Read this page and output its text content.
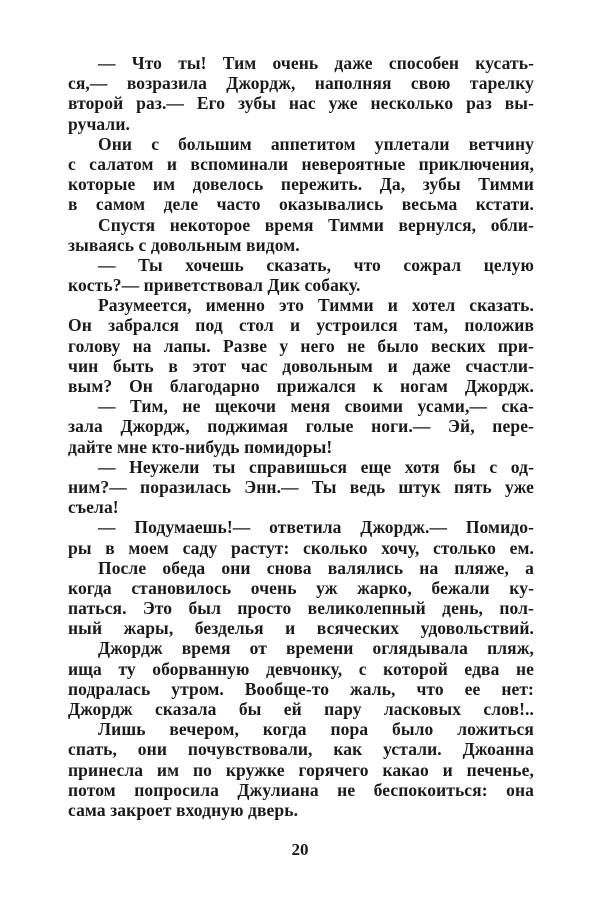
— Что ты! Тим очень даже способен кусать-
ся,— возразила Джордж, наполняя свою тарелку
второй раз.— Его зубы нас уже несколько раз вы-
ручали.
Они с большим аппетитом уплетали ветчину
с салатом и вспоминали невероятные приключения,
которые им довелось пережить. Да, зубы Тимми
в самом деле часто оказывались весьма кстати.
Спустя некоторое время Тимми вернулся, обли-
зываясь с довольным видом.
— Ты хочешь сказать, что сожрал целую
кость?— приветствовал Дик собаку.
Разумеется, именно это Тимми и хотел сказать.
Он забрался под стол и устроился там, положив
голову на лапы. Разве у него не было веских при-
чин быть в этот час довольным и даже счастли-
вым? Он благодарно прижался к ногам Джордж.
— Тим, не щекочи меня своими усами,— ска-
зала Джордж, поджимая голые ноги.— Эй, пере-
дайте мне кто-нибудь помидоры!
— Неужели ты справишься еще хотя бы с од-
ним?— поразилась Энн.— Ты ведь штук пять уже
съела!
— Подумаешь!— ответила Джордж.— Помидо-
ры в моем саду растут: сколько хочу, столько ем.
После обеда они снова валялись на пляже, а
когда становилось очень уж жарко, бежали ку-
паться. Это был просто великолепный день, пол-
ный жары, безделья и всяческих удовольствий.
Джордж время от времени оглядывала пляж,
ища ту оборванную девчонку, с которой едва не
подралась утром. Вообще-то жаль, что ее нет:
Джордж сказала бы ей пару ласковых слов!..
Лишь вечером, когда пора было ложиться
спать, они почувствовали, как устали. Джоанна
принесла им по кружке горячего какао и печенье,
потом попросила Джулиана не беспокоиться: она
сама закроет входную дверь.
20
